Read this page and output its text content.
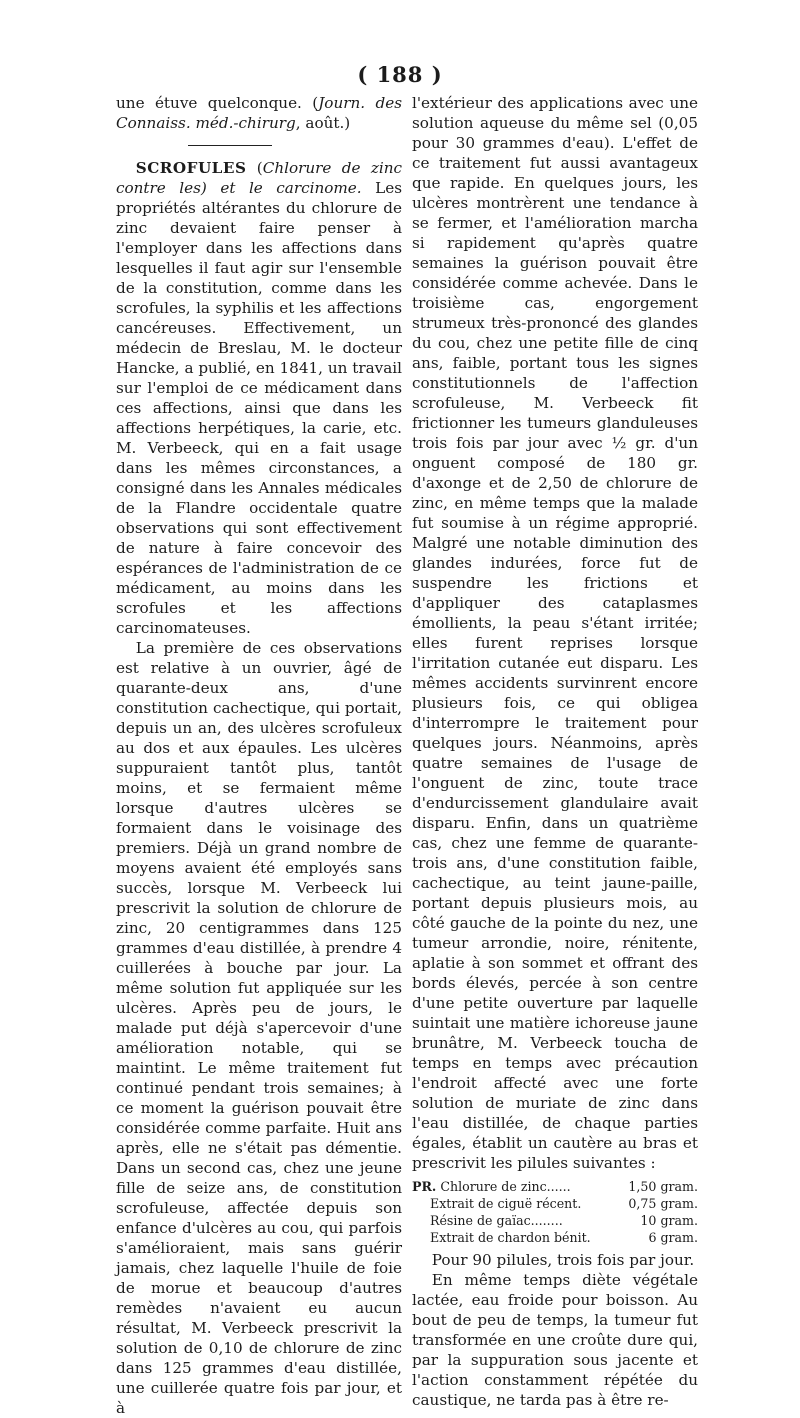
( 188 )

une étuve quelconque. (Journ. des Connaiss. méd.-chirurg, août.)

SCROFULES (Chlorure de zinc contre les) et le carcinome. Les propriétés altérantes du chlorure de zinc devaient faire penser à l'employer dans les affections dans lesquelles il faut agir sur l'ensemble de la constitution, comme dans les scrofules, la syphilis et les affections cancéreuses. Effectivement, un médecin de Breslau, M. le docteur Hancke, a publié, en 1841, un travail sur l'emploi de ce médicament dans ces affections, ainsi que dans les affections herpétiques, la carie, etc. M. Verbeeck, qui en a fait usage dans les mêmes circonstances, a consigné dans les Annales médicales de la Flandre occidentale quatre observations qui sont effectivement de nature à faire concevoir des espérances de l'administration de ce médicament, au moins dans les scrofules et les affections carcinomateuses.

La première de ces observations est relative à un ouvrier, âgé de quarante-deux ans, d'une constitution cachectique, qui portait, depuis un an, des ulcères scrofuleux au dos et aux épaules. Les ulcères suppuraient tantôt plus, tantôt moins, et se fermaient même lorsque d'autres ulcères se formaient dans le voisinage des premiers. Déjà un grand nombre de moyens avaient été employés sans succès, lorsque M. Verbeeck lui prescrivit la solution de chlorure de zinc, 20 centigrammes dans 125 grammes d'eau distillée, à prendre 4 cuillerées à bouche par jour. La même solution fut appliquée sur les ulcères. Après peu de jours, le malade put déjà s'apercevoir d'une amélioration notable, qui se maintint. Le même traitement fut continué pendant trois semaines; à ce moment la guérison pouvait être considérée comme parfaite. Huit ans après, elle ne s'était pas démentie. Dans un second cas, chez une jeune fille de seize ans, de constitution scrofuleuse, affectée depuis son enfance d'ulcères au cou, qui parfois s'amélioraient, mais sans guérir jamais, chez laquelle l'huile de foie de morue et beaucoup d'autres remèdes n'avaient eu aucun résultat, M. Verbeeck prescrivit la solution de 0,10 de chlorure de zinc dans 125 grammes d'eau distillée, une cuillerée quatre fois par jour, et à

l'extérieur des applications avec une solution aqueuse du même sel (0,05 pour 30 grammes d'eau). L'effet de ce traitement fut aussi avantageux que rapide. En quelques jours, les ulcères montrèrent une tendance à se fermer, et l'amélioration marcha si rapidement qu'après quatre semaines la guérison pouvait être considérée comme achevée. Dans le troisième cas, engorgement strumeux très-prononcé des glandes du cou, chez une petite fille de cinq ans, faible, portant tous les signes constitutionnels de l'affection scrofuleuse, M. Verbeeck fit frictionner les tumeurs glanduleuses trois fois par jour avec ½ gr. d'un onguent composé de 180 gr. d'axonge et de 2,50 de chlorure de zinc, en même temps que la malade fut soumise à un régime approprié. Malgré une notable diminution des glandes indurées, force fut de suspendre les frictions et d'appliquer des cataplasmes émollients, la peau s'étant irritée; elles furent reprises lorsque l'irritation cutanée eut disparu. Les mêmes accidents survinrent encore plusieurs fois, ce qui obligea d'interrompre le traitement pour quelques jours. Néanmoins, après quatre semaines de l'usage de l'onguent de zinc, toute trace d'endurcissement glandulaire avait disparu. Enfin, dans un quatrième cas, chez une femme de quarante-trois ans, d'une constitution faible, cachectique, au teint jaune-paille, portant depuis plusieurs mois, au côté gauche de la pointe du nez, une tumeur arrondie, noire, rénitente, aplatie à son sommet et offrant des bords élevés, percée à son centre d'une petite ouverture par laquelle suintait une matière ichoreuse jaune brunâtre, M. Verbeeck toucha de temps en temps avec précaution l'endroit affecté avec une forte solution de muriate de zinc dans l'eau distillée, de chaque parties égales, établit un cautère au bras et prescrivit les pilules suivantes :

PR. Chlorure de zinc......	1,50 gram.
Extrait de ciguë récent.	0,75 gram.
Résine de gaïac........	10 gram.
Extrait de chardon bénit.	6 gram.

Pour 90 pilules, trois fois par jour.

En même temps diète végétale lactée, eau froide pour boisson. Au bout de peu de temps, la tumeur fut transformée en une croûte dure qui, par la suppuration sous jacente et l'action constamment répétée du caustique, ne tarda pas à être re-
